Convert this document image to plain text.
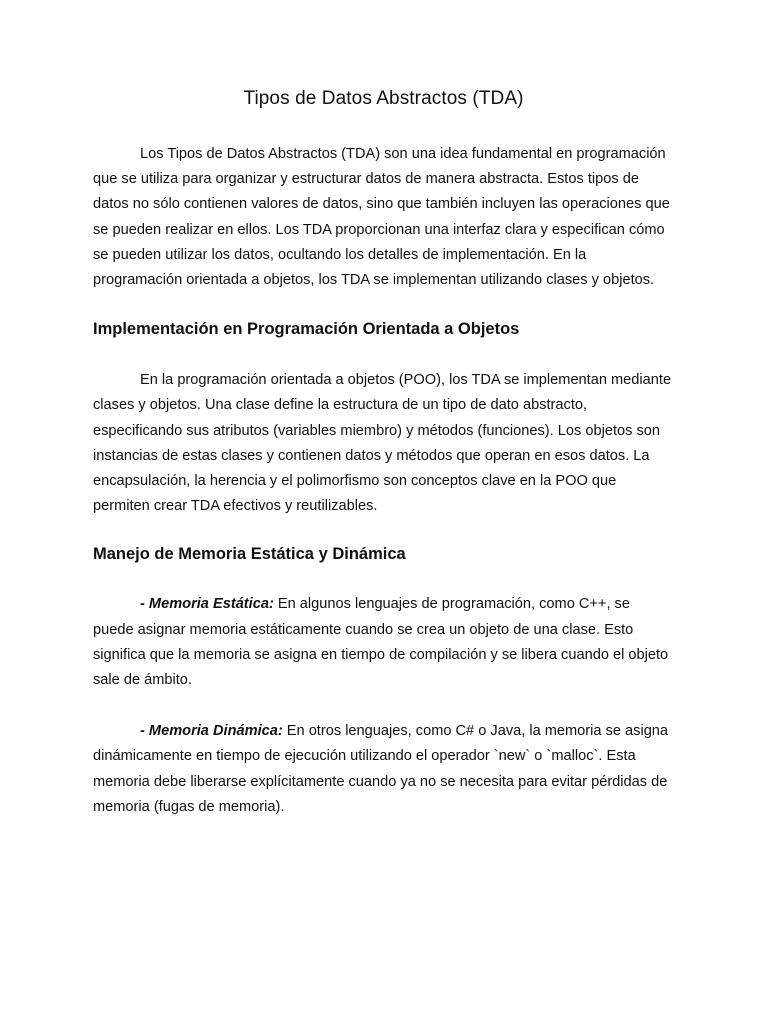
Tipos de Datos Abstractos (TDA)

Los Tipos de Datos Abstractos (TDA) son una idea fundamental en programación que se utiliza para organizar y estructurar datos de manera abstracta. Estos tipos de datos no sólo contienen valores de datos, sino que también incluyen las operaciones que se pueden realizar en ellos. Los TDA proporcionan una interfaz clara y especifican cómo se pueden utilizar los datos, ocultando los detalles de implementación. En la programación orientada a objetos, los TDA se implementan utilizando clases y objetos.

Implementación en Programación Orientada a Objetos

En la programación orientada a objetos (POO), los TDA se implementan mediante clases y objetos. Una clase define la estructura de un tipo de dato abstracto, especificando sus atributos (variables miembro) y métodos (funciones). Los objetos son instancias de estas clases y contienen datos y métodos que operan en esos datos. La encapsulación, la herencia y el polimorfismo son conceptos clave en la POO que permiten crear TDA efectivos y reutilizables.

Manejo de Memoria Estática y Dinámica

- Memoria Estática: En algunos lenguajes de programación, como C++, se puede asignar memoria estáticamente cuando se crea un objeto de una clase. Esto significa que la memoria se asigna en tiempo de compilación y se libera cuando el objeto sale de ámbito.

- Memoria Dinámica: En otros lenguajes, como C# o Java, la memoria se asigna dinámicamente en tiempo de ejecución utilizando el operador `new` o `malloc`. Esta memoria debe liberarse explícitamente cuando ya no se necesita para evitar pérdidas de memoria (fugas de memoria).
